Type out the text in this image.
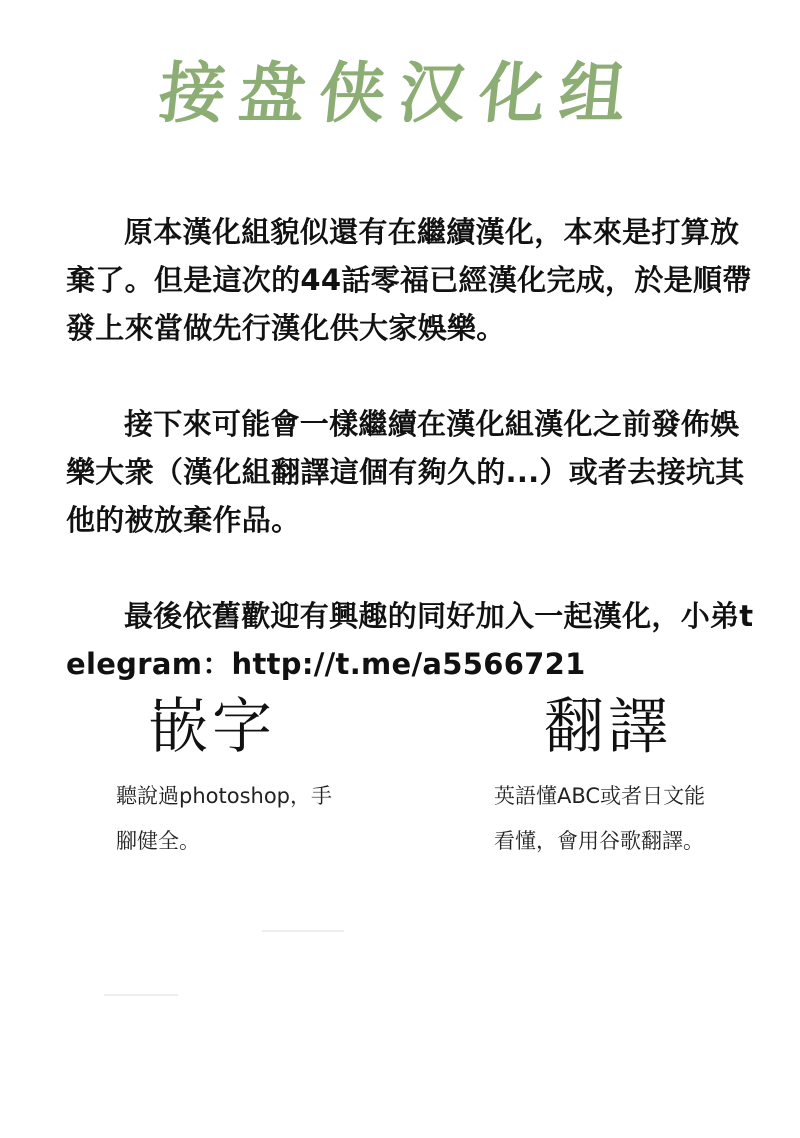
接盘侠汉化组

原本漢化組貌似還有在繼續漢化，本來是打算放棄了。但是這次的44話零福已經漢化完成，於是順帶發上來當做先行漢化供大家娛樂。

接下來可能會一樣繼續在漢化組漢化之前發佈娛樂大衆（漢化組翻譯這個有夠久的...）或者去接坑其他的被放棄作品。

最後依舊歡迎有興趣的同好加入一起漢化，小弟telegram：http://t.me/a5566721

嵌字
聽說過photoshop，手腳健全。
翻譯
英語懂ABC或者日文能看懂，會用谷歌翻譯。
